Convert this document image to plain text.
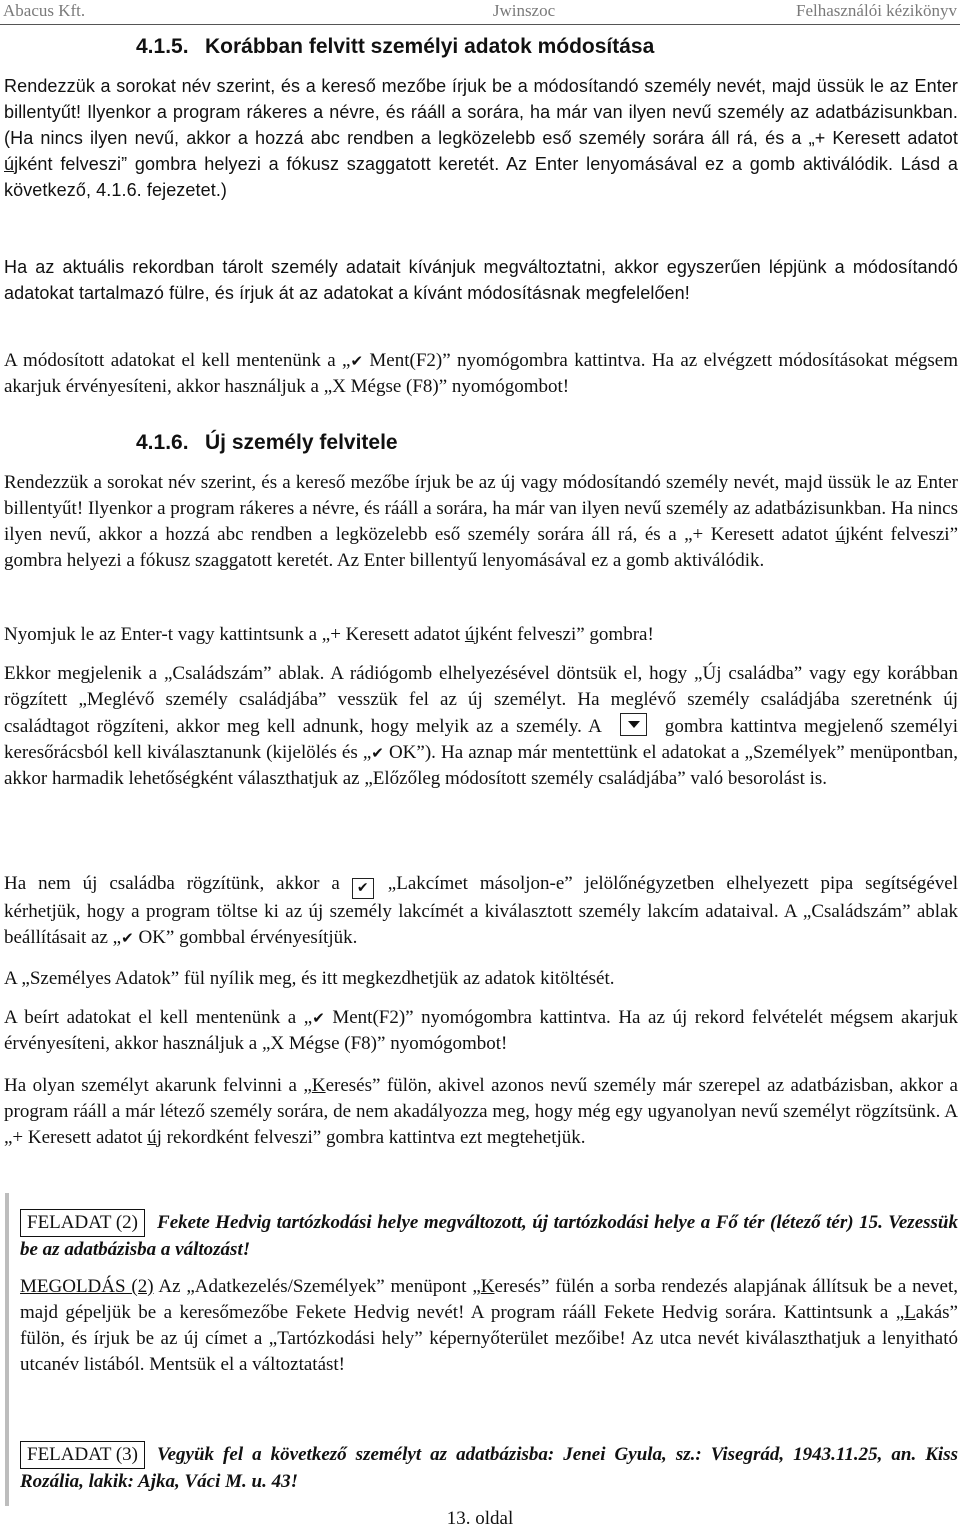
Abacus Kft.	Jwinszoc	Felhasználói kézikönyv
4.1.5. Korábban felvitt személyi adatok módosítása

Rendezzük a sorokat név szerint, és a kereső mezőbe írjuk be a módosítandó személy nevét, majd üssük le az Enter billentyűt! Ilyenkor a program rákeres a névre, és rááll a sorára, ha már van ilyen nevű személy az adatbázisunkban. (Ha nincs ilyen nevű, akkor a hozzá abc rendben a legközelebb eső személy sorára áll rá, és a „+ Keresett adatot újként felveszi” gombra helyezi a fókusz szaggatott keretét. Az Enter lenyomásával ez a gomb aktiválódik. Lásd a következő, 4.1.6. fejezetet.)

Ha az aktuális rekordban tárolt személy adatait kívánjuk megváltoztatni, akkor egyszerűen lépjünk a módosítandó adatokat tartalmazó fülre, és írjuk át az adatokat a kívánt módosításnak megfelelően!

A módosított adatokat el kell mentenünk a „✔ Ment(F2)” nyomógombra kattintva. Ha az elvégzett módosításokat mégsem akarjuk érvényesíteni, akkor használjuk a „X Mégse (F8)” nyomógombot!

4.1.6. Új személy felvitele

Rendezzük a sorokat név szerint, és a kereső mezőbe írjuk be az új vagy módosítandó személy nevét, majd üssük le az Enter billentyűt! Ilyenkor a program rákeres a névre, és rááll a sorára, ha már van ilyen nevű személy az adatbázisunkban. Ha nincs ilyen nevű, akkor a hozzá abc rendben a legközelebb eső személy sorára áll rá, és a „+ Keresett adatot újként felveszi” gombra helyezi a fókusz szaggatott keretét. Az Enter billentyű lenyomásával ez a gomb aktiválódik.

Nyomjuk le az Enter-t vagy kattintsunk a „+ Keresett adatot újként felveszi” gombra!

Ekkor megjelenik a „Családszám” ablak. A rádiógomb elhelyezésével döntsük el, hogy „Új családba” vagy egy korábban rögzített „Meglévő személy családjába” vesszük fel az új személyt. Ha meglévő személy családjába szeretnénk új családtagot rögzíteni, akkor meg kell adnunk, hogy melyik az a személy. A	gombra kattintva megjelenő személyi keresőrácsból kell kiválasztanunk (kijelölés és „✔ OK”). Ha aznap már mentettünk el adatokat a „Személyek” menüpontban, akkor harmadik lehetőségként választhatjuk az „Előzőleg módosított személy családjába” való besorolást is.

Ha nem új családba rögzítünk, akkor a ✔ „Lakcímet másoljon-e” jelölőnégyzetben elhelyezett pipa segítségével kérhetjük, hogy a program töltse ki az új személy lakcímét a kiválasztott személy lakcím adataival. A „Családszám” ablak beállításait az „✔ OK” gombbal érvényesítjük.

A „Személyes Adatok” fül nyílik meg, és itt megkezdhetjük az adatok kitöltését.

A beírt adatokat el kell mentenünk a „✔ Ment(F2)” nyomógombra kattintva. Ha az új rekord felvételét mégsem akarjuk érvényesíteni, akkor használjuk a „X Mégse (F8)” nyomógombot!

Ha olyan személyt akarunk felvinni a „Keresés” fülön, akivel azonos nevű személy már szerepel az adatbázisban, akkor a program rááll a már létező személy sorára, de nem akadályozza meg, hogy még egy ugyanolyan nevű személyt rögzítsünk. A „+ Keresett adatot új rekordként felveszi” gombra kattintva ezt megtehetjük.

FELADAT (2) Fekete Hedvig tartózkodási helye megváltozott, új tartózkodási helye a Fő tér (létező tér) 15. Vezessük be az adatbázisba a változást!

MEGOLDÁS (2) Az „Adatkezelés/Személyek” menüpont „Keresés” fülén a sorba rendezés alapjának állítsuk be a nevet, majd gépeljük be a keresőmezőbe Fekete Hedvig nevét! A program rááll Fekete Hedvig sorára. Kattintsunk a „Lakás” fülön, és írjuk be az új címet a „Tartózkodási hely” képernyőterület mezőibe! Az utca nevét kiválaszthatjuk a lenyitható utcanév listából. Mentsük el a változtatást!

FELADAT (3) Vegyük fel a következő személyt az adatbázisba: Jenei Gyula, sz.: Visegrád, 1943.11.25, an. Kiss Rozália, lakik: Ajka, Váci M. u. 43!

13. oldal
